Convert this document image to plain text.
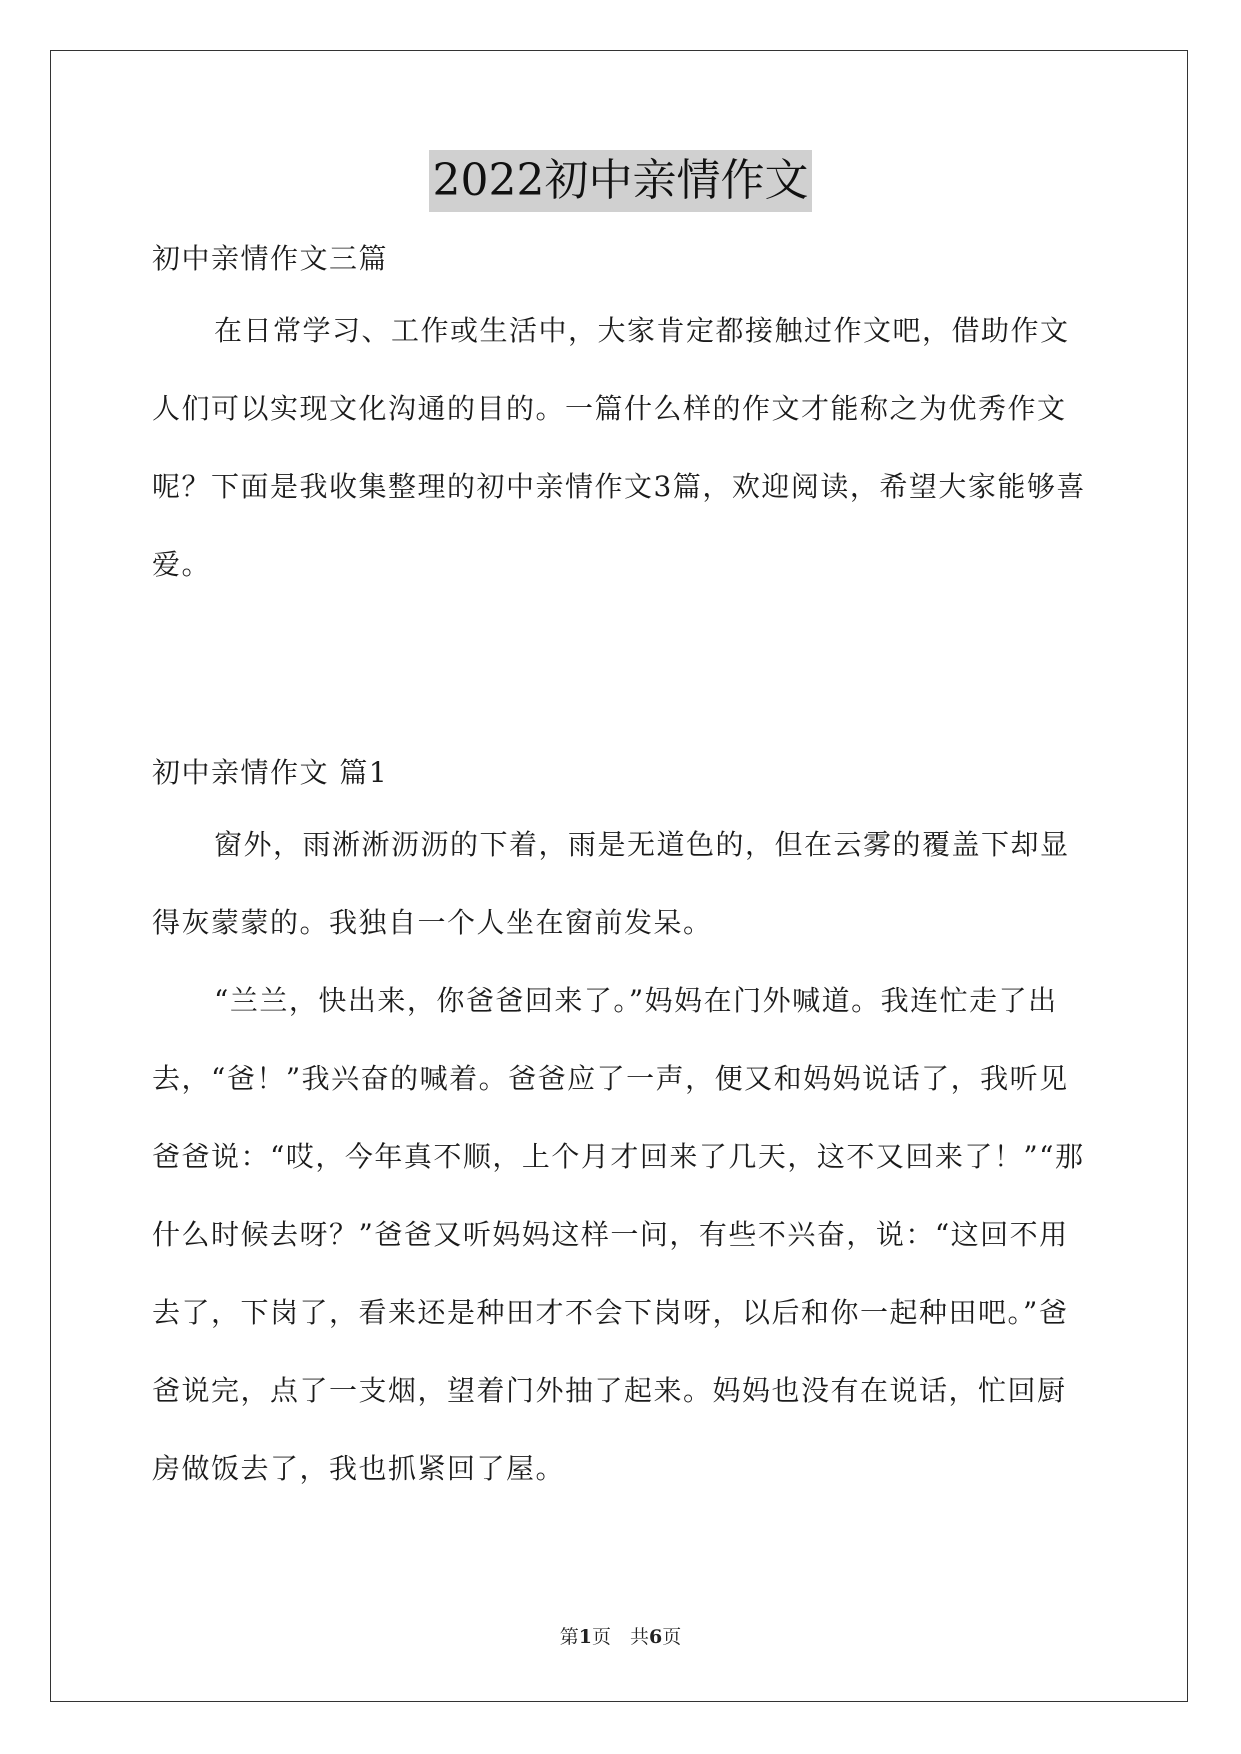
2022初中亲情作文

初中亲情作文三篇

在日常学习、工作或生活中，大家肯定都接触过作文吧，借助作文人们可以实现文化沟通的目的。一篇什么样的作文才能称之为优秀作文呢？下面是我收集整理的初中亲情作文3篇，欢迎阅读，希望大家能够喜爱。

初中亲情作文 篇1

窗外，雨淅淅沥沥的下着，雨是无道色的，但在云雾的覆盖下却显得灰蒙蒙的。我独自一个人坐在窗前发呆。

“兰兰，快出来，你爸爸回来了。”妈妈在门外喊道。我连忙走了出去，“爸！”我兴奋的喊着。爸爸应了一声，便又和妈妈说话了，我听见爸爸说：“哎，今年真不顺，上个月才回来了几天，这不又回来了！”“那什么时候去呀？”爸爸又听妈妈这样一问，有些不兴奋，说：“这回不用去了，下岗了，看来还是种田才不会下岗呀，以后和你一起种田吧。”爸爸说完，点了一支烟，望着门外抽了起来。妈妈也没有在说话，忙回厨房做饭去了，我也抓紧回了屋。

第1页　共6页
